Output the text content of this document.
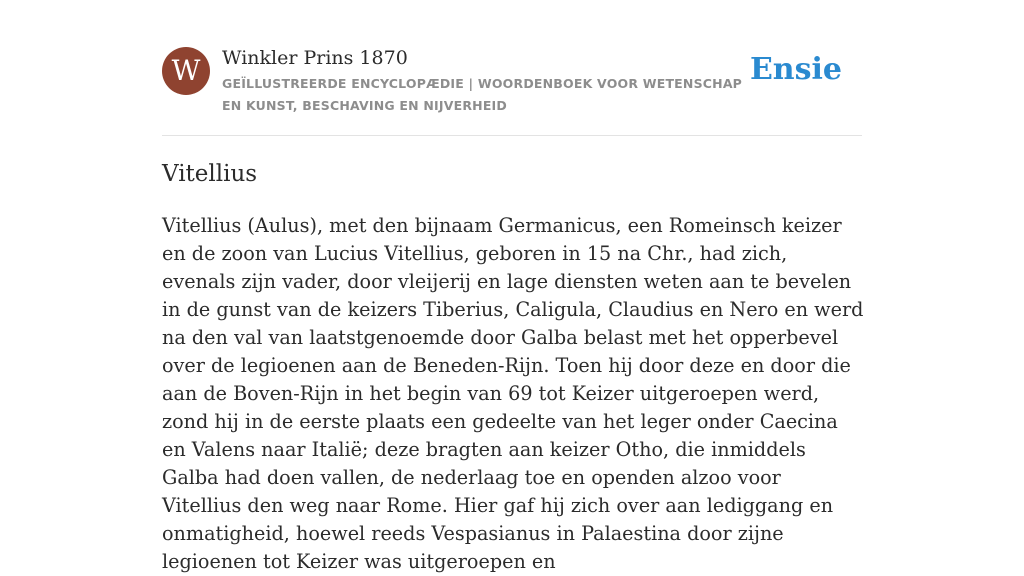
W	Winkler Prins 1870

GEÏLLUSTREERDE ENCYCLOPÆDIE | WOORDENBOEK VOOR WETENSCHAP EN KUNST, BESCHAVING EN NIJVERHEID
Ensie
Vitellius

Vitellius (Aulus), met den bijnaam Germanicus, een Romeinsch keizer en de zoon van Lucius Vitellius, geboren in 15 na Chr., had zich, evenals zijn vader, door vleijerij en lage diensten weten aan te bevelen in de gunst van de keizers Tiberius, Caligula, Claudius en Nero en werd na den val van laatstgenoemde door Galba belast met het opperbevel over de legioenen aan de Beneden-Rijn. Toen hij door deze en door die aan de Boven-Rijn in het begin van 69 tot Keizer uitgeroepen werd, zond hij in de eerste plaats een gedeelte van het leger onder Caecina en Valens naar Italië; deze bragten aan keizer Otho, die inmiddels Galba had doen vallen, de nederlaag toe en openden alzoo voor Vitellius den weg naar Rome. Hier gaf hij zich over aan lediggang en onmatigheid, hoewel reeds Vespasianus in Palaestina door zijne legioenen tot Keizer was uitgeroepen en
